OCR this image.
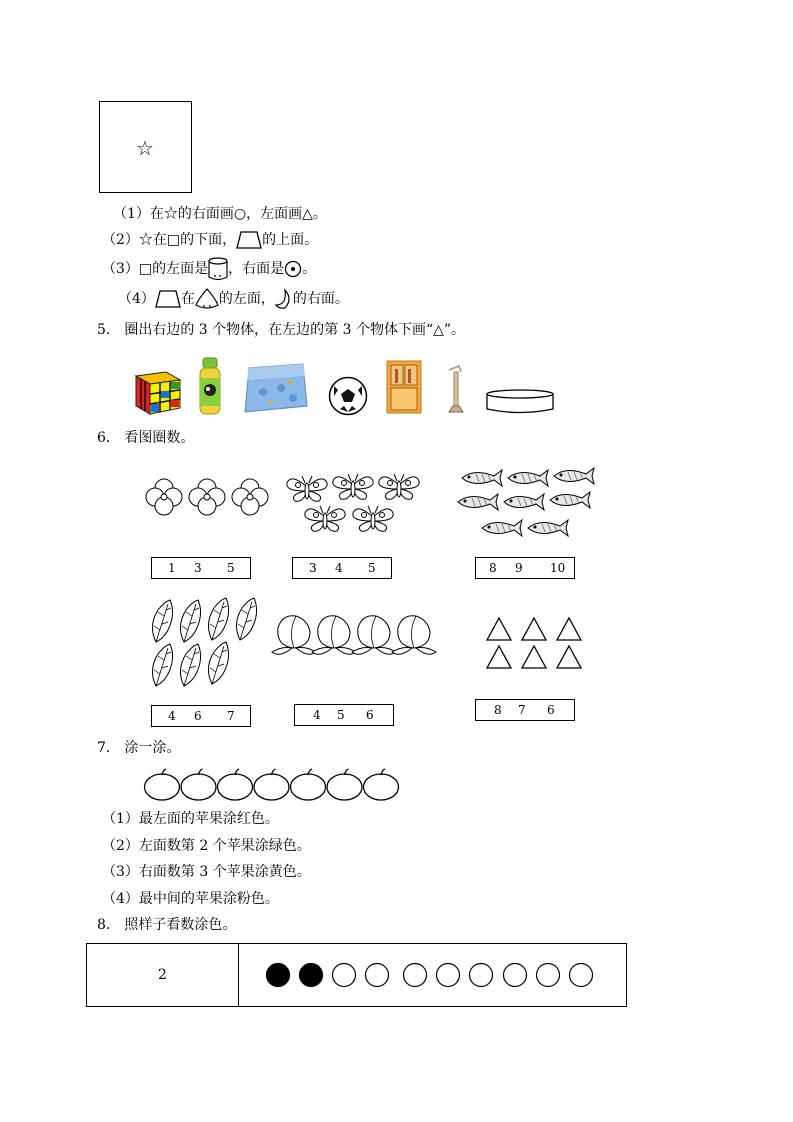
☆
（1）在☆的右面画○，左面画△。
（2）☆在□的下面， 的上面。
（3）□的左面是 ，右面是 。
（4） 在 的左面， 的右面。
5． 圈出右边的 3 个物体，在左边的第 3 个物体下画“△”。
6． 看图圈数。
1 3 5	3 4 5	8 9 10
4 6 7	4 5 6	8 7 6
7． 涂一涂。
（1）最左面的苹果涂红色。
（2）左面数第 2 个苹果涂绿色。
（3）右面数第 3 个苹果涂黄色。
（4）最中间的苹果涂粉色。
8． 照样子看数涂色。
2
